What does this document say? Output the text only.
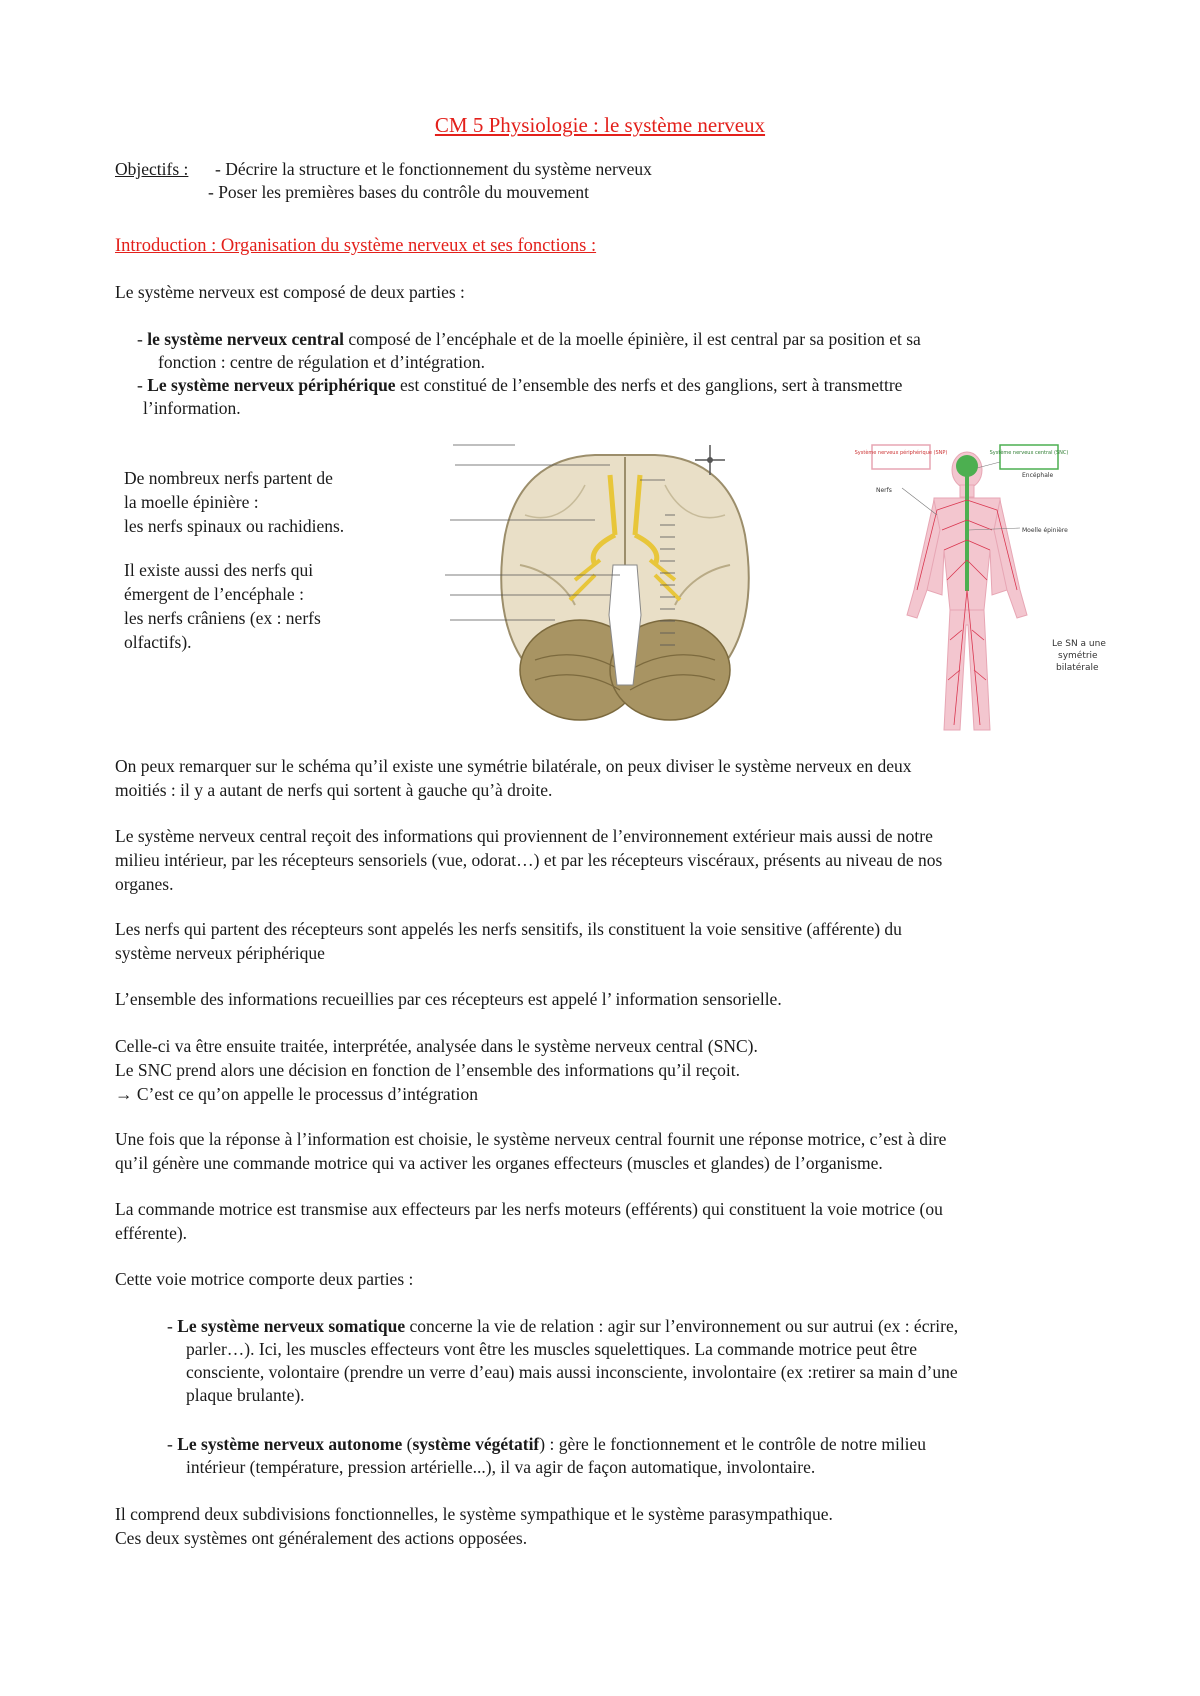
CM 5 Physiologie : le système nerveux
Objectifs : - Décrire la structure et le fonctionnement du système nerveux
- Poser les premières bases du contrôle du mouvement
Introduction : Organisation du système nerveux et ses fonctions :
Le système nerveux est composé de deux parties :
- le système nerveux central composé de l’encéphale et de la moelle épinière, il est central par sa position et sa
fonction : centre de régulation et d’intégration.
- Le système nerveux périphérique est constitué de l’ensemble des nerfs et des ganglions, sert à transmettre
l’information.

De nombreux nerfs partent de

la moelle épinière :

les nerfs spinaux ou rachidiens.

Il existe aussi des nerfs qui

émergent de l’encéphale :

les nerfs crâniens (ex : nerfs

olfactifs).

Système nerveux périphérique (SNP)	Système nerveux central (SNC)
Encéphale
Nerfs
Moelle épinière
Le SN a une
symétrie
bilatérale

On peux remarquer sur le schéma qu’il existe une symétrie bilatérale, on peux diviser le système nerveux en deux

moitiés : il y a autant de nerfs qui sortent à gauche qu’à droite.

Le système nerveux central reçoit des informations qui proviennent de l’environnement extérieur mais aussi de notre

milieu intérieur, par les récepteurs sensoriels (vue, odorat…) et par les récepteurs viscéraux, présents au niveau de nos

organes.

Les nerfs qui partent des récepteurs sont appelés les nerfs sensitifs, ils constituent la voie sensitive (afférente) du

système nerveux périphérique

L’ensemble des informations recueillies par ces récepteurs est appelé l’ information sensorielle.

Celle-ci va être ensuite traitée, interprétée, analysée dans le système nerveux central (SNC).

Le SNC prend alors une décision en fonction de l’ensemble des informations qu’il reçoit.

→ C’est ce qu’on appelle le processus d’intégration

Une fois que la réponse à l’information est choisie, le système nerveux central fournit une réponse motrice, c’est à dire

qu’il génère une commande motrice qui va activer les organes effecteurs (muscles et glandes) de l’organisme.

La commande motrice est transmise aux effecteurs par les nerfs moteurs (efférents) qui constituent la voie motrice (ou

efférente).

Cette voie motrice comporte deux parties :

- Le système nerveux somatique concerne la vie de relation : agir sur l’environnement ou sur autrui (ex : écrire,
parler…). Ici, les muscles effecteurs vont être les muscles squelettiques. La commande motrice peut être
consciente, volontaire (prendre un verre d’eau) mais aussi inconsciente, involontaire (ex :retirer sa main d’une
plaque brulante).
- Le système nerveux autonome (système végétatif) : gère le fonctionnement et le contrôle de notre milieu
intérieur (température, pression artérielle...), il va agir de façon automatique, involontaire.

Il comprend deux subdivisions fonctionnelles, le système sympathique et le système parasympathique.

Ces deux systèmes ont généralement des actions opposées.
